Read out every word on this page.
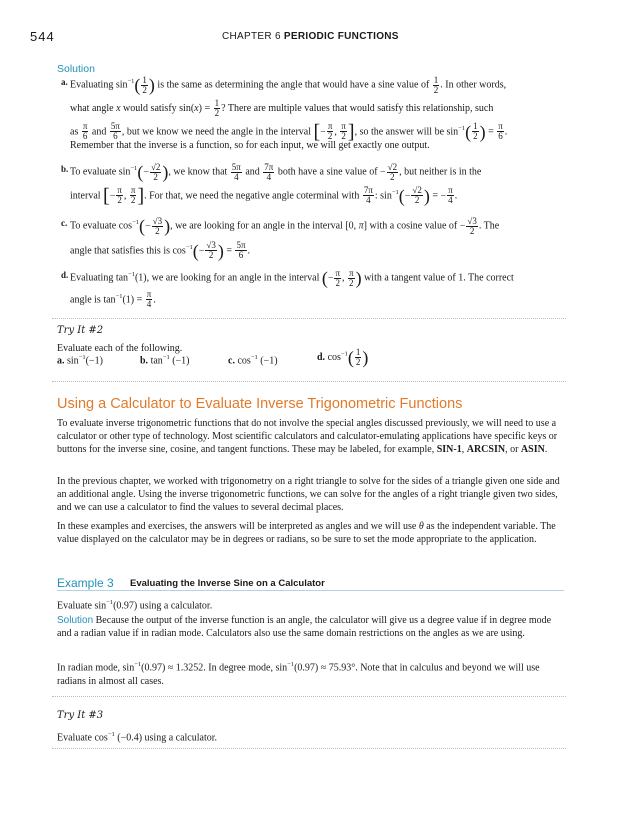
544	CHAPTER 6 PERIODIC FUNCTIONS
Solution
a. Evaluating $\sin^{-1}( \frac{1}{2}$ ) is the same as determining the angle that would have a sine value of $\frac{1}{2}$ . In other words,
what angle x would satisfy $\sin(x) = \frac{1}{2}$ ? There are multiple values that would satisfy this relationship, such
as $\frac{\pi}{6}$ and $\frac{5\pi}{6}$ , but we know we need the angle in the interval [− $\frac{\pi}{2}$ , $\frac{\pi}{2}$ ], so the answer will be $\sin^{-1}( \frac{1}{2}$ ) = $\frac{\pi}{6}$ .
Remember that the inverse is a function, so for each input, we will get exactly one output.
b. To evaluate $\sin^{-1}(- \frac{√2}{2}$ ), we know that $\frac{5\pi}{4}$ and $\frac{7\pi}{4}$ both have a sine value of − $\frac{√2}{2}$ , but neither is in the
interval [− $\frac{\pi}{2}$ , $\frac{\pi}{2}$ ]. For that, we need the negative angle coterminal with $\frac{7\pi}{4}$ : $\sin^{-1}(- \frac{√2}{2}$ ) = − $\frac{\pi}{4}$ .
c. To evaluate $\cos^{-1}(- \frac{√3}{2}$ ), we are looking for an angle in the interval [0, π] with a cosine value of − $\frac{√3}{2}$ . The
angle that satisfies this is $\cos^{-1}(- \frac{√3}{2}$ ) = $\frac{5\pi}{6}$ .
d. Evaluating $\tan^{-1}(1)$, we are looking for an angle in the interval (− $\frac{\pi}{2}$ , $\frac{\pi}{2}$ ) with a tangent value of 1. The correct
angle is $\tan^{-1}(1) = \frac{\pi}{4}$ .
Try It #2
Evaluate each of the following.
a. $\sin^{-1}(-1)$	b. $\tan^{-1} (-1)$	c. $\cos^{-1} (-1)$	d. $\cos^{-1}( \frac{1}{2}$ )
Using a Calculator to Evaluate Inverse Trigonometric Functions
To evaluate inverse trigonometric functions that do not involve the special angles discussed previously, we will need to use a calculator or other type of technology. Most scientific calculators and calculator-emulating applications have specific keys or buttons for the inverse sine, cosine, and tangent functions. These may be labeled, for example, SIN-1, ARCSIN, or ASIN.
In the previous chapter, we worked with trigonometry on a right triangle to solve for the sides of a triangle given one side and an additional angle. Using the inverse trigonometric functions, we can solve for the angles of a right triangle given two sides, and we can use a calculator to find the values to several decimal places.
In these examples and exercises, the answers will be interpreted as angles and we will use θ as the independent variable. The value displayed on the calculator may be in degrees or radians, so be sure to set the mode appropriate to the application.
Example 3 Evaluating the Inverse Sine on a Calculator
Evaluate $\sin^{-1}(0.97)$ using a calculator.
Solution Because the output of the inverse function is an angle, the calculator will give us a degree value if in degree mode and a radian value if in radian mode. Calculators also use the same domain restrictions on the angles as we are using.
In radian mode, $\sin^{-1}(0.97) \approx 1.3252$. In degree mode, $\sin^{-1}(0.97) \approx 75.93^\circ$. Note that in calculus and beyond we will use radians in almost all cases.
Try It #3
Evaluate $\cos^{-1} (-0.4)$ using a calculator.
